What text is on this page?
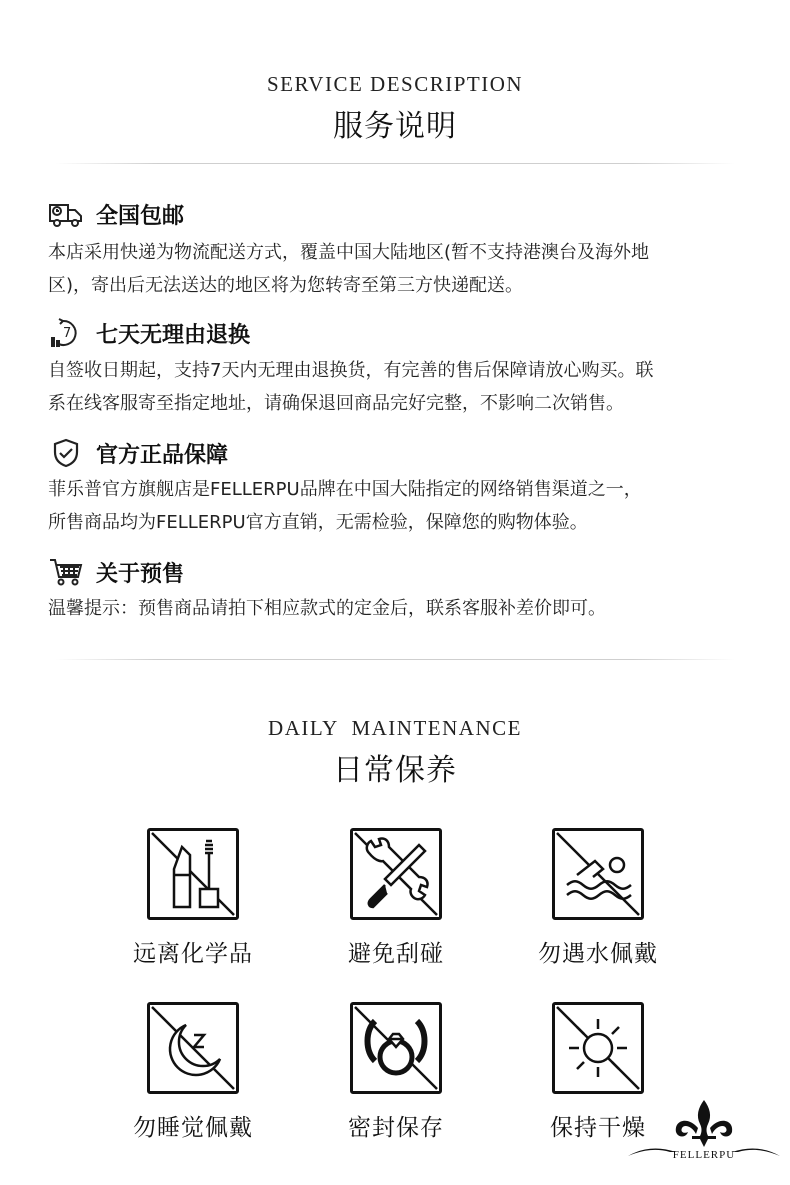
SERVICE DESCRIPTION
服务说明
全国包邮
本店采用快递为物流配送方式，覆盖中国大陆地区(暂不支持港澳台及海外地
区)，寄出后无法送达的地区将为您转寄至第三方快递配送。
7 七天无理由退换
自签收日期起，支持7天内无理由退换货，有完善的售后保障请放心购买。联
系在线客服寄至指定地址，请确保退回商品完好完整，不影响二次销售。
官方正品保障
菲乐普官方旗舰店是FELLERPU品牌在中国大陆指定的网络销售渠道之一，
所售商品均为FELLERPU官方直销，无需检验，保障您的购物体验。
关于预售
温馨提示：预售商品请拍下相应款式的定金后，联系客服补差价即可。
DAILY  MAINTENANCE
日常保养
远离化学品	避免刮碰	勿遇水佩戴
勿睡觉佩戴	密封保存	保持干燥
FELLERPU
